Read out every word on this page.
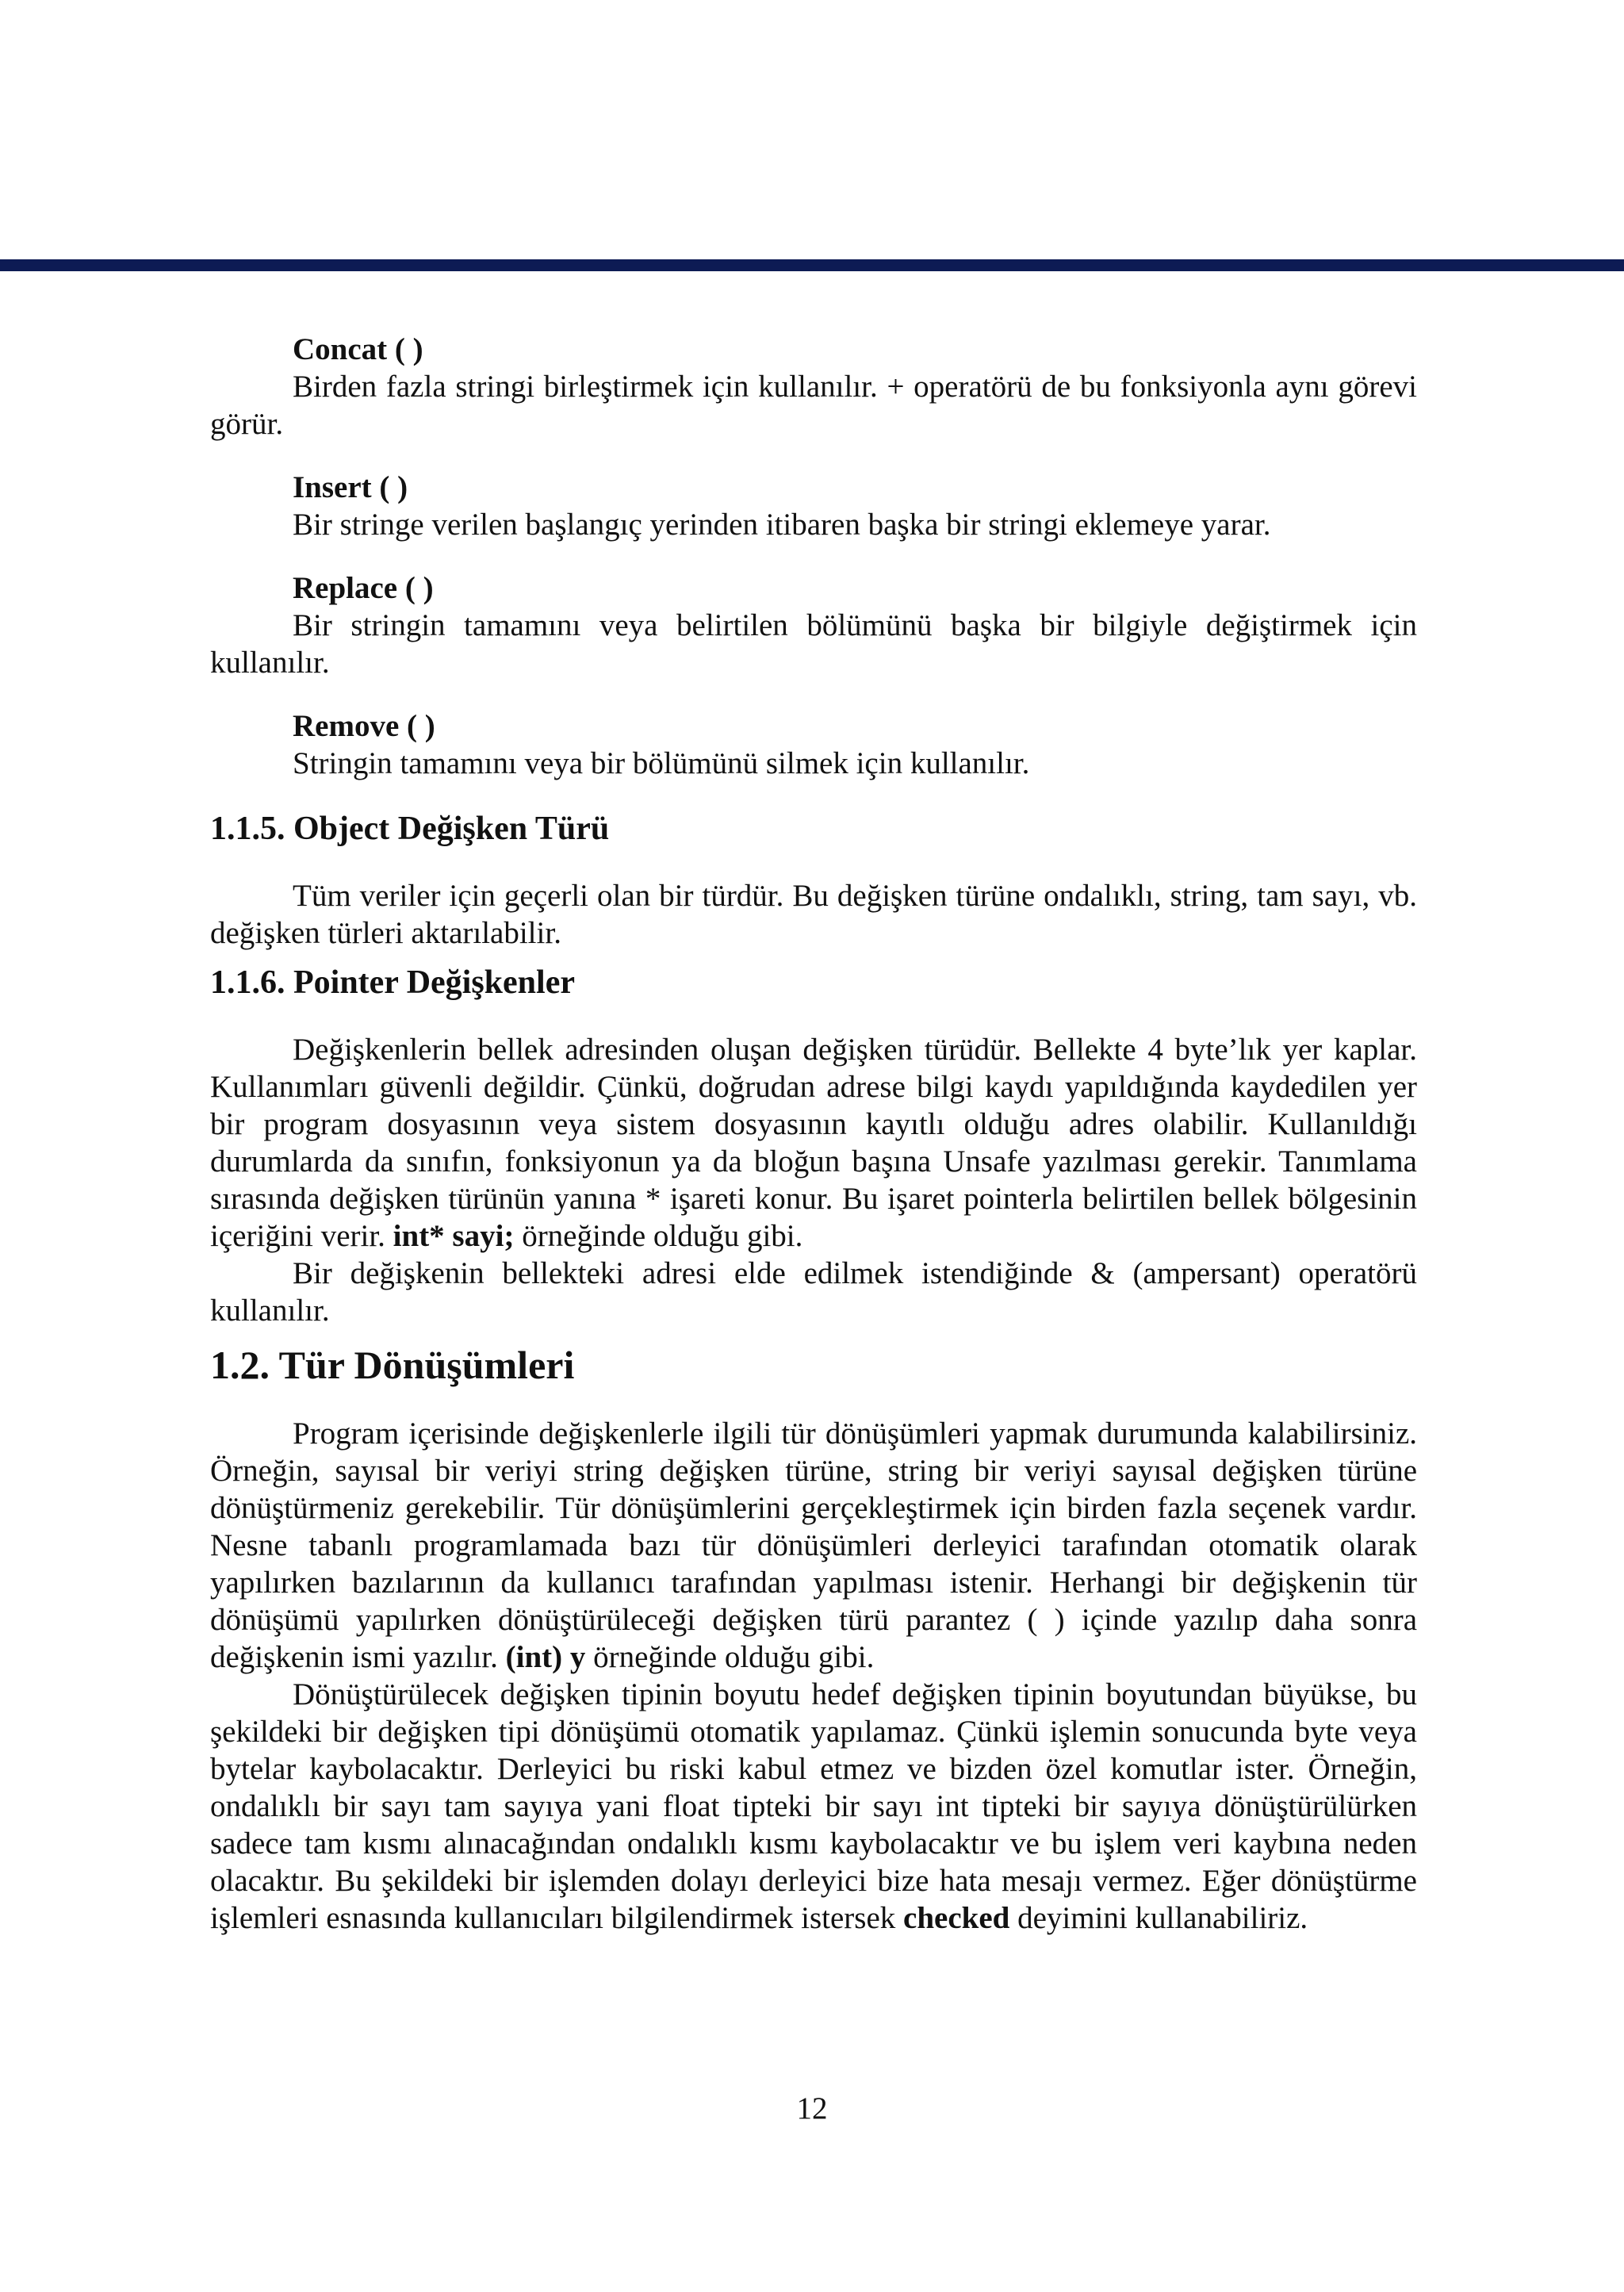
Concat ( )

Birden fazla stringi birleştirmek için kullanılır. + operatörü de bu fonksiyonla aynı görevi görür.

Insert ( )

Bir stringe verilen başlangıç yerinden itibaren başka bir stringi eklemeye yarar.

Replace ( )

Bir stringin tamamını veya belirtilen bölümünü başka bir bilgiyle değiştirmek için kullanılır.

Remove ( )

Stringin tamamını veya bir bölümünü silmek için kullanılır.

1.1.5. Object Değişken Türü

Tüm veriler için geçerli olan bir türdür. Bu değişken türüne ondalıklı, string, tam sayı, vb. değişken türleri aktarılabilir.

1.1.6. Pointer Değişkenler

Değişkenlerin bellek adresinden oluşan değişken türüdür. Bellekte 4 byte’lık yer kaplar. Kullanımları güvenli değildir. Çünkü, doğrudan adrese bilgi kaydı yapıldığında kaydedilen yer bir program dosyasının veya sistem dosyasının kayıtlı olduğu adres olabilir. Kullanıldığı durumlarda da sınıfın, fonksiyonun ya da bloğun başına Unsafe yazılması gerekir. Tanımlama sırasında değişken türünün yanına * işareti konur. Bu işaret pointerla belirtilen bellek bölgesinin içeriğini verir. int* sayi; örneğinde olduğu gibi.

Bir değişkenin bellekteki adresi elde edilmek istendiğinde & (ampersant) operatörü kullanılır.

1.2. Tür Dönüşümleri

Program içerisinde değişkenlerle ilgili tür dönüşümleri yapmak durumunda kalabilirsiniz. Örneğin, sayısal bir veriyi string değişken türüne, string bir veriyi sayısal değişken türüne dönüştürmeniz gerekebilir. Tür dönüşümlerini gerçekleştirmek için birden fazla seçenek vardır. Nesne tabanlı programlamada bazı tür dönüşümleri derleyici tarafından otomatik olarak yapılırken bazılarının da kullanıcı tarafından yapılması istenir. Herhangi bir değişkenin tür dönüşümü yapılırken dönüştürüleceği değişken türü parantez ( ) içinde yazılıp daha sonra değişkenin ismi yazılır. (int) y örneğinde olduğu gibi.

Dönüştürülecek değişken tipinin boyutu hedef değişken tipinin boyutundan büyükse, bu şekildeki bir değişken tipi dönüşümü otomatik yapılamaz. Çünkü işlemin sonucunda byte veya bytelar kaybolacaktır. Derleyici bu riski kabul etmez ve bizden özel komutlar ister. Örneğin, ondalıklı bir sayı tam sayıya yani float tipteki bir sayı int tipteki bir sayıya dönüştürülürken sadece tam kısmı alınacağından ondalıklı kısmı kaybolacaktır ve bu işlem veri kaybına neden olacaktır. Bu şekildeki bir işlemden dolayı derleyici bize hata mesajı vermez. Eğer dönüştürme işlemleri esnasında kullanıcıları bilgilendirmek istersek checked deyimini kullanabiliriz.

12
